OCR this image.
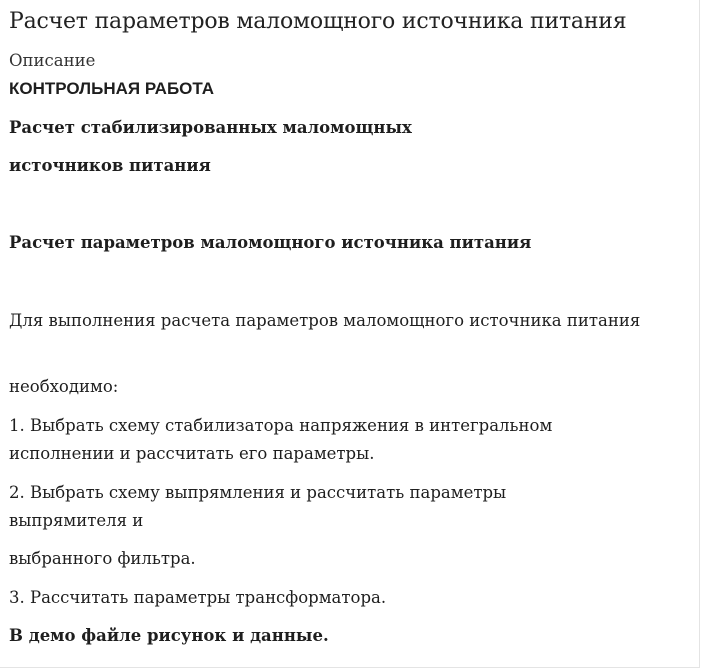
Расчет параметров маломощного источника питания
Описание

КОНТРОЛЬНАЯ РАБОТА

Расчет стабилизированных маломощных

источников питания

Расчет параметров маломощного источника питания

Для выполнения расчета параметров маломощного источника питания

необходимо:

1. Выбрать схему стабилизатора напряжения в интегральном исполнении и рассчитать его параметры.

2. Выбрать схему выпрямления и рассчитать параметры выпрямителя и

выбранного фильтра.

3. Рассчитать параметры трансформатора.

В демо файле рисунок и данные.
